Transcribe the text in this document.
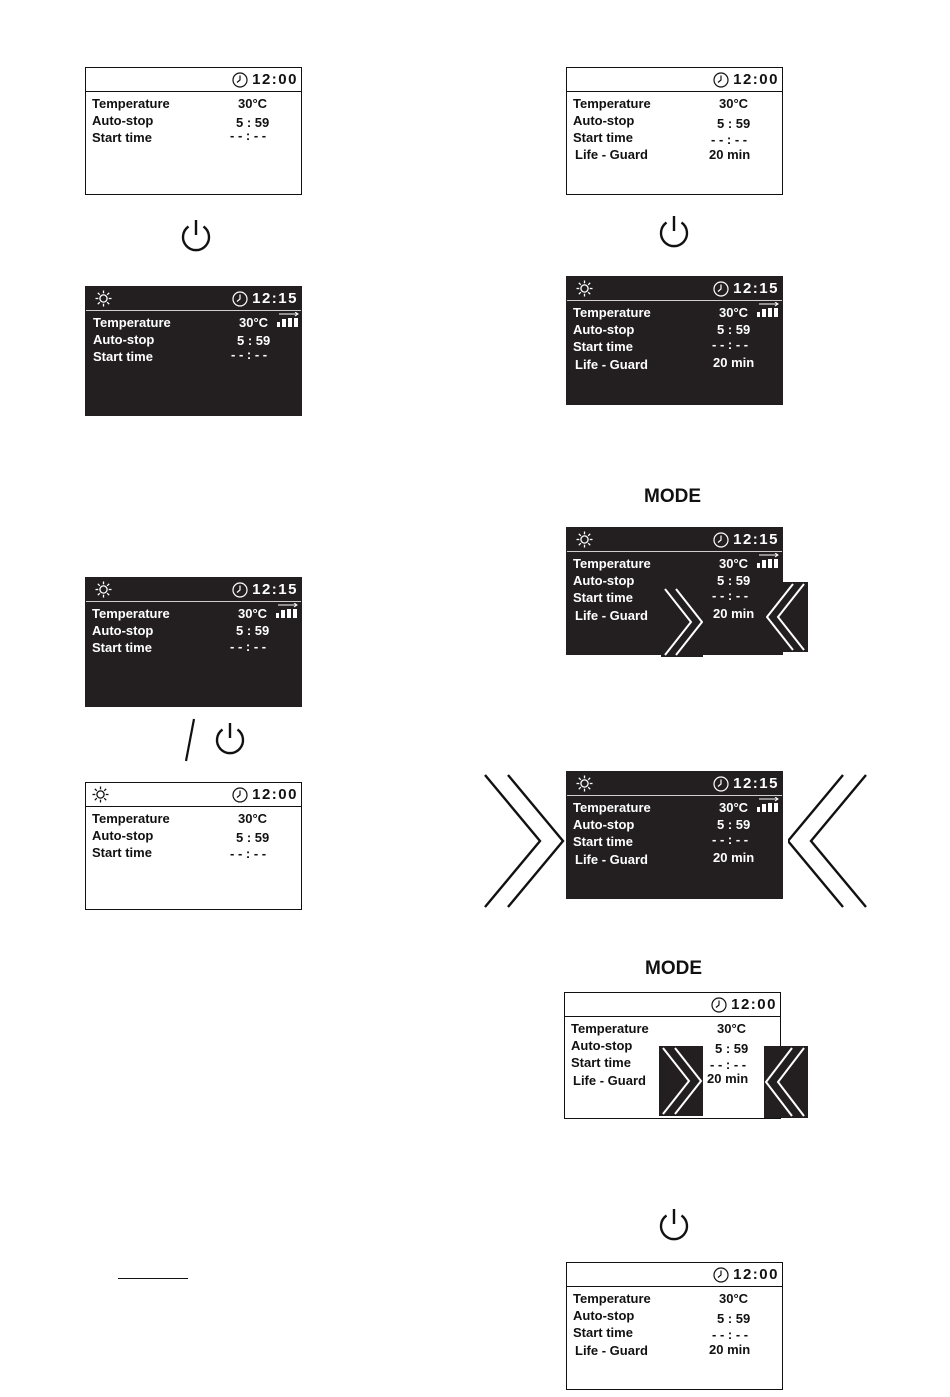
12:00
Temperature	30°C
Auto-stop	5 : 59
Start time	- - : - -
12:15
Temperature	30°C
Auto-stop	5 : 59
Start time	- - : - -
12:15
Temperature	30°C
Auto-stop	5 : 59
Start time	- - : - -
12:00
Temperature	30°C
Auto-stop	5 : 59
Start time	- - : - -
12:00
Temperature	30°C
Auto-stop	5 : 59
Start time	- - : - -
Life - Guard	20 min
12:15
Temperature	30°C
Auto-stop	5 : 59
Start time	- - : - -
Life - Guard	20 min
MODE
12:15
Temperature	30°C
Auto-stop	5 : 59
Start time	- - : - -
Life - Guard	20 min
12:15
Temperature	30°C
Auto-stop	5 : 59
Start time	- - : - -
Life - Guard	20 min
MODE
12:00
Temperature	30°C
Auto-stop	5 : 59
Start time	- - : - -
Life - Guard	20 min
12:00
Temperature	30°C
Auto-stop	5 : 59
Start time	- - : - -
Life - Guard	20 min
